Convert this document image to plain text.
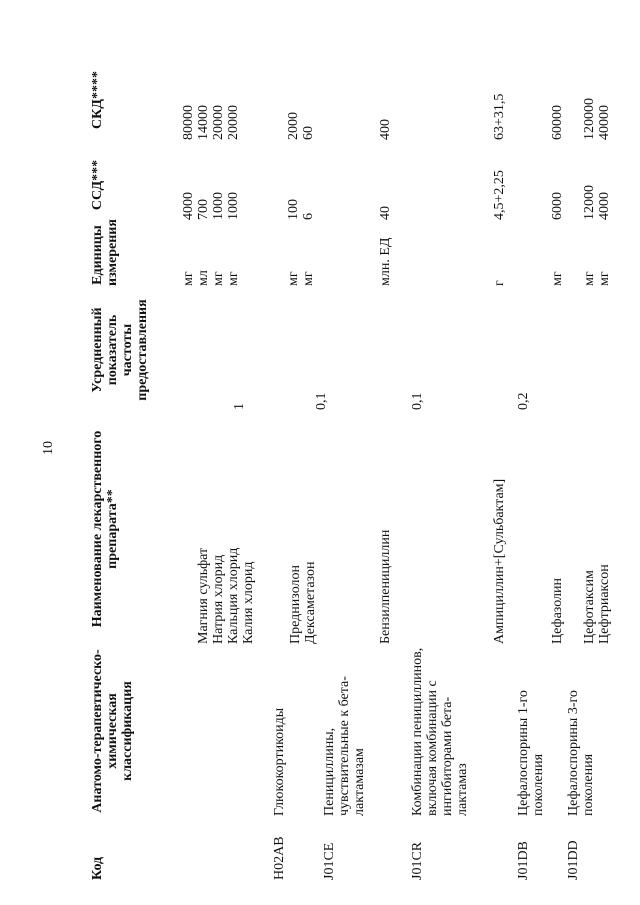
10
Код
Анатомо-терапевтическо-химическая классификация
Наименование лекарственного препарата**
Усредненный показатель частоты предоставления
Единицы измерения
ССД***
СКД****
Магния сульфат Натрия хлорид Кальция хлорид Калия хлорид
мг мл мг мг
4000 700 1000 1000
80000 14000 20000 20000
H02AB
Глюкокортикоиды
1
Преднизолон Дексаметазон
мг мг
100 6
2000 60
J01CE
Пенициллины, чувствительные к бета-лактамазам
0,1
Бензилпенициллин
млн. ЕД
40
400
J01CR
Комбинации пенициллинов, включая комбинации с ингибиторами бета-лактамаз
0,1
Ампициллин+[Сульбактам]
г
4,5+2,25
63+31,5
J01DB
Цефалоспорины 1-го поколения
0,2
Цефазолин
мг
6000
60000
J01DD
Цефалоспорины 3-го поколения
Цефотаксим Цефтриаксон
мг мг
12000 4000
120000 40000
